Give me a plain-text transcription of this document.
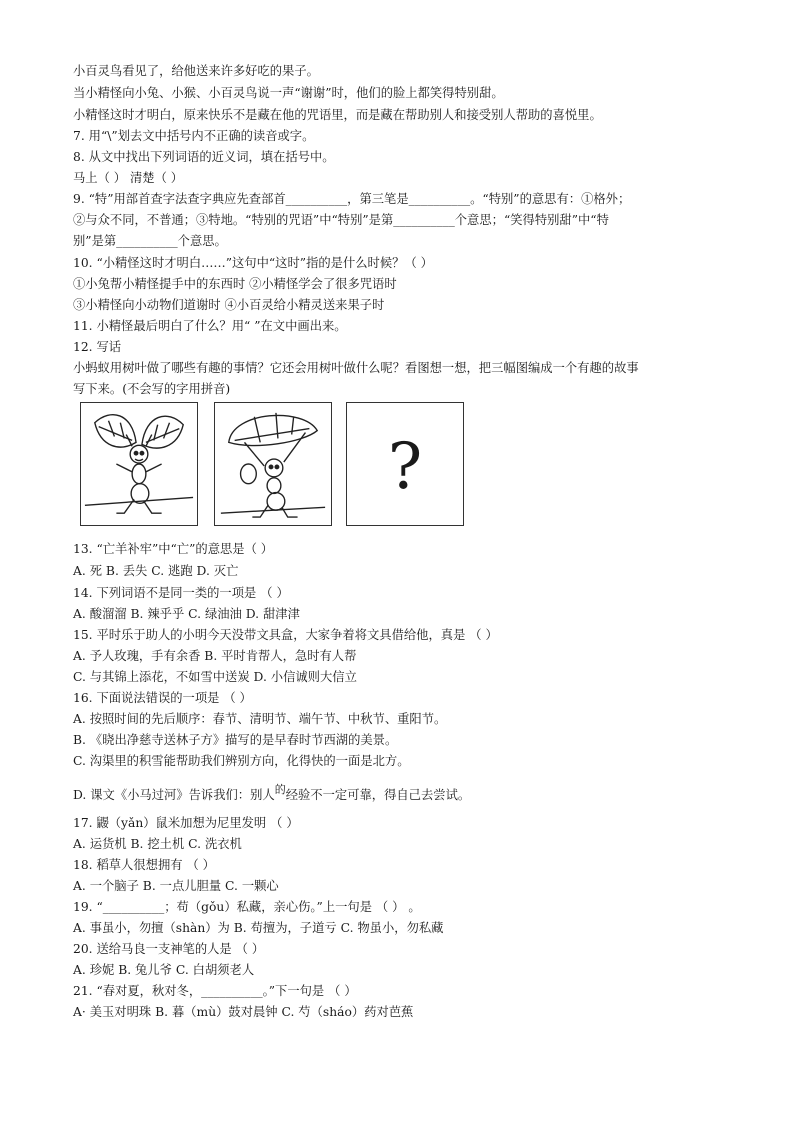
小百灵鸟看见了，给他送来许多好吃的果子。
当小精怪向小兔、小猴、小百灵鸟说一声“谢谢”时，他们的脸上都笑得特别甜。
小精怪这时才明白，原来快乐不是藏在他的咒语里，而是藏在帮助别人和接受别人帮助的喜悦里。
7. 用“\”划去文中括号内不正确的读音或字。
8. 从文中找出下列词语的近义词，填在括号中。
马上（ ） 清楚（ ）
9. “特”用部首查字法查字典应先查部首__________，第三笔是__________。“特别”的意思有：①格外；
②与众不同，不普通；③特地。“特别的咒语”中“特别”是第__________个意思；“笑得特别甜”中“特
别”是第__________个意思。
10. “小精怪这时才明白……”这句中“这时”指的是什么时候？（ ）
①小兔帮小精怪提手中的东西时 ②小精怪学会了很多咒语时
③小精怪向小动物们道谢时 ④小百灵给小精灵送来果子时
11. 小精怪最后明白了什么？用“ ”在文中画出来。
12. 写话
小蚂蚁用树叶做了哪些有趣的事情？它还会用树叶做什么呢？看图想一想，把三幅图编成一个有趣的故事
写下来。(不会写的字用拼音)
?
13. “亡羊补牢”中“亡”的意思是（ ）
A. 死 B. 丢失 C. 逃跑 D. 灭亡
14. 下列词语不是同一类的一项是 （ ）
A. 酸溜溜 B. 辣乎乎 C. 绿油油 D. 甜津津
15. 平时乐于助人的小明今天没带文具盒，大家争着将文具借给他，真是 （ ）
A. 予人玫瑰，手有余香 B. 平时肯帮人，急时有人帮
C. 与其锦上添花，不如雪中送炭 D. 小信诚则大信立
16. 下面说法错误的一项是 （ ）
A. 按照时间的先后顺序：春节、清明节、端午节、中秋节、重阳节。
B. 《晓出净慈寺送林子方》描写的是早春时节西湖的美景。
C. 沟渠里的积雪能帮助我们辨别方向，化得快的一面是北方。
D. 课文《小马过河》告诉我们：别人的经验不一定可靠，得自己去尝试。
17. 鼹（yǎn）鼠米加想为尼里发明 （ ）
A. 运货机 B. 挖土机 C. 洗衣机
18. 稻草人很想拥有 （ ）
A. 一个脑子 B. 一点儿胆量 C. 一颗心
19. “__________；苟（gǒu）私藏，亲心伤。”上一句是 （ ） 。
A. 事虽小，勿擅（shàn）为 B. 苟擅为，子道亏 C. 物虽小，勿私藏
20. 送给马良一支神笔的人是 （ ）
A. 珍妮 B. 兔儿爷 C. 白胡须老人
21. “春对夏，秋对冬，__________。”下一句是 （ ）
A· 美玉对明珠 B. 暮（mù）鼓对晨钟 C. 芍（sháo）药对芭蕉
